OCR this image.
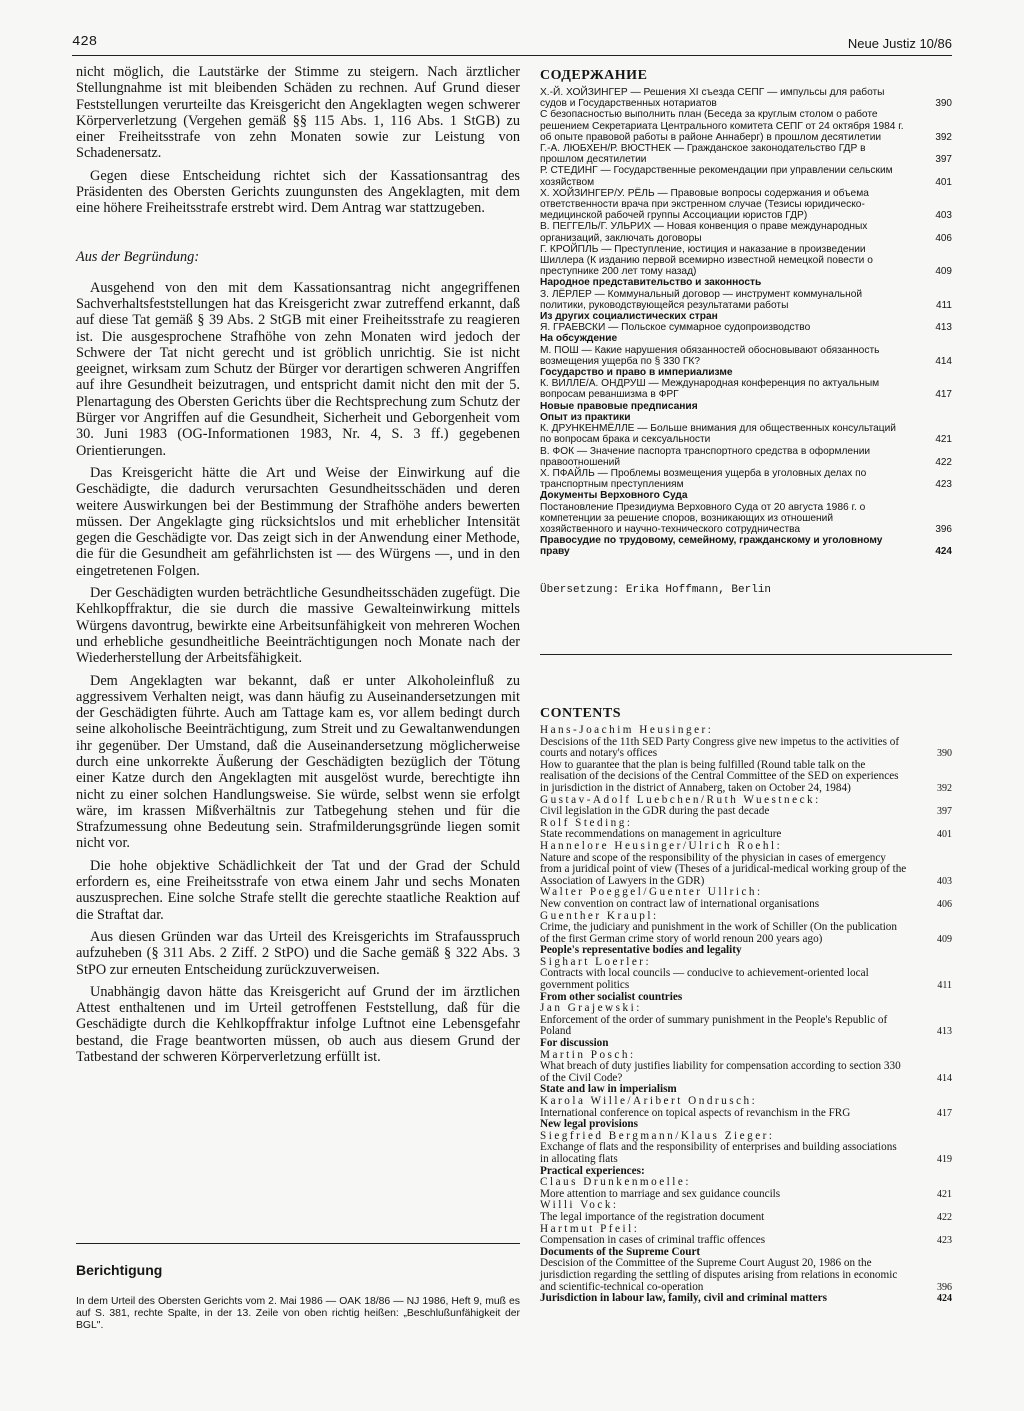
428	Neue Justiz 10/86

nicht möglich, die Lautstärke der Stimme zu steigern. Nach ärztlicher Stellungnahme ist mit bleibenden Schäden zu rechnen. Auf Grund dieser Feststellungen verurteilte das Kreisgericht den Angeklagten wegen schwerer Körperverletzung (Vergehen gemäß §§ 115 Abs. 1, 116 Abs. 1 StGB) zu einer Freiheitsstrafe von zehn Monaten sowie zur Leistung von Schadenersatz.

Gegen diese Entscheidung richtet sich der Kassationsantrag des Präsidenten des Obersten Gerichts zuungunsten des Angeklagten, mit dem eine höhere Freiheitsstrafe erstrebt wird. Dem Antrag war stattzugeben.

Aus der Begründung:

Ausgehend von den mit dem Kassationsantrag nicht angegriffenen Sachverhaltsfeststellungen hat das Kreisgericht zwar zutreffend erkannt, daß auf diese Tat gemäß § 39 Abs. 2 StGB mit einer Freiheitsstrafe zu reagieren ist. Die ausgesprochene Strafhöhe von zehn Monaten wird jedoch der Schwere der Tat nicht gerecht und ist gröblich unrichtig. Sie ist nicht geeignet, wirksam zum Schutz der Bürger vor derartigen schweren Angriffen auf ihre Gesundheit beizutragen, und entspricht damit nicht den mit der 5. Plenartagung des Obersten Gerichts über die Rechtsprechung zum Schutz der Bürger vor Angriffen auf die Gesundheit, Sicherheit und Geborgenheit vom 30. Juni 1983 (OG-Informationen 1983, Nr. 4, S. 3 ff.) gegebenen Orientierungen.

Das Kreisgericht hätte die Art und Weise der Einwirkung auf die Geschädigte, die dadurch verursachten Gesundheitsschäden und deren weitere Auswirkungen bei der Bestimmung der Strafhöhe anders bewerten müssen. Der Angeklagte ging rücksichtslos und mit erheblicher Intensität gegen die Geschädigte vor. Das zeigt sich in der Anwendung einer Methode, die für die Gesundheit am gefährlichsten ist — des Würgens —, und in den eingetretenen Folgen.

Der Geschädigten wurden beträchtliche Gesundheitsschäden zugefügt. Die Kehlkopffraktur, die sie durch die massive Gewalteinwirkung mittels Würgens davontrug, bewirkte eine Arbeitsunfähigkeit von mehreren Wochen und erhebliche gesundheitliche Beeinträchtigungen noch Monate nach der Wiederherstellung der Arbeitsfähigkeit.

Dem Angeklagten war bekannt, daß er unter Alkoholeinfluß zu aggressivem Verhalten neigt, was dann häufig zu Auseinandersetzungen mit der Geschädigten führte. Auch am Tattage kam es, vor allem bedingt durch seine alkoholische Beeinträchtigung, zum Streit und zu Gewaltanwendungen ihr gegenüber. Der Umstand, daß die Auseinandersetzung möglicherweise durch eine unkorrekte Äußerung der Geschädigten bezüglich der Tötung einer Katze durch den Angeklagten mit ausgelöst wurde, berechtigte ihn nicht zu einer solchen Handlungsweise. Sie würde, selbst wenn sie erfolgt wäre, im krassen Mißverhältnis zur Tatbegehung stehen und für die Strafzumessung ohne Bedeutung sein. Strafmilderungsgründe liegen somit nicht vor.

Die hohe objektive Schädlichkeit der Tat und der Grad der Schuld erfordern es, eine Freiheitsstrafe von etwa einem Jahr und sechs Monaten auszusprechen. Eine solche Strafe stellt die gerechte staatliche Reaktion auf die Straftat dar.

Aus diesen Gründen war das Urteil des Kreisgerichts im Strafausspruch aufzuheben (§ 311 Abs. 2 Ziff. 2 StPO) und die Sache gemäß § 322 Abs. 3 StPO zur erneuten Entscheidung zurückzuverweisen.

Unabhängig davon hätte das Kreisgericht auf Grund der im ärztlichen Attest enthaltenen und im Urteil getroffenen Feststellung, daß für die Geschädigte durch die Kehlkopffraktur infolge Luftnot eine Lebensgefahr bestand, die Frage beantworten müssen, ob auch aus diesem Grund der Tatbestand der schweren Körperverletzung erfüllt ist.

Berichtigung

In dem Urteil des Obersten Gerichts vom 2. Mai 1986 — OAK 18/86 — NJ 1986, Heft 9, muß es auf S. 381, rechte Spalte, in der 13. Zeile von oben richtig heißen: „Beschlußunfähigkeit der BGL".

СОДЕРЖАНИЕ
Х.-Й. ХОЙЗИНГЕР — Решения XI съезда СЕПГ — импульсы для работы судов и Государственных нотариатов	390
С безопасностью выполнить план (Беседа за круглым столом о работе решением Секретариата Центрального комитета СЕПГ от 24 октября 1984 г. об опыте правовой работы в районе Аннаберг) в прошлом десятилетии	392
Г.-А. ЛЮБХЕН/Р. ВЮСТНЕК — Гражданское законодательство ГДР в прошлом десятилетии	397
Р. СТЕДИНГ — Государственные рекомендации при управлении сельским хозяйством	401
Х. ХОЙЗИНГЕР/У. РЁЛЬ — Правовые вопросы содержания и объема ответственности врача при экстренном случае (Тезисы юридическо-медицинской рабочей группы Ассоциации юристов ГДР)	403
В. ПЕГГЕЛЬ/Г. УЛЬРИХ — Новая конвенция о праве международных организаций, заключать договоры	406
Г. КРОЙПЛЬ — Преступление, юстиция и наказание в произведении Шиллера (К изданию первой всемирно известной немецкой повести о преступнике 200 лет тому назад)	409
Народное представительство и законность
З. ЛЁРЛЕР — Коммунальный договор — инструмент коммунальной политики, руководствующейся результатами работы	411
Из других социалистических стран
Я. ГРАЕВСКИ — Польское суммарное судопроизводство	413
На обсуждение
М. ПОШ — Какие нарушения обязанностей обосновывают обязанность возмещения ущерба по § 330 ГК?	414
Государство и право в империализме
К. ВИЛЛЕ/А. ОНДРУШ — Международная конференция по актуальным вопросам реваншизма в ФРГ	417
Новые правовые предписания
Опыт из практики
К. ДРУНКЕНМЁЛЛЕ — Больше внимания для общественных консультаций по вопросам брака и сексуальности	421
В. ФОК — Значение паспорта транспортного средства в оформлении правоотношений	422
Х. ПФАЙЛЬ — Проблемы возмещения ущерба в уголовных делах по транспортным преступлениям	423
Документы Верховного Суда
Постановление Президиума Верховного Суда от 20 августа 1986 г. о компетенции за решение споров, возникающих из отношений хозяйственного и научно-технического сотрудничества	396
Правосудие по трудовому, семейному, гражданскому и уголовному праву	424
Übersetzung: Erika Hoffmann, Berlin
CONTENTS
Hans-Joachim Heusinger:
Descisions of the 11th SED Party Congress give new impetus to the activities of courts and notary's offices	390
How to guarantee that the plan is being fulfilled (Round table talk on the realisation of the decisions of the Central Committee of the SED on experiences in jurisdiction in the district of Annaberg, taken on October 24, 1984)	392
Gustav-Adolf Luebchen/Ruth Wuestneck:
Civil legislation in the GDR during the past decade	397
Rolf Steding:
State recommendations on management in agriculture	401
Hannelore Heusinger/Ulrich Roehl:
Nature and scope of the responsibility of the physician in cases of emergency from a juridical point of view (Theses of a juridical-medical working group of the Association of Lawyers in the GDR)	403
Walter Poeggel/Guenter Ullrich:
New convention on contract law of international organisations	406
Guenther Kraupl:
Crime, the judiciary and punishment in the work of Schiller (On the publication of the first German crime story of world renoun 200 years ago)	409
People's representative bodies and legality
Sighart Loerler:
Contracts with local councils — conducive to achievement-oriented local government politics	411
From other socialist countries
Jan Grajewski:
Enforcement of the order of summary punishment in the People's Republic of Poland	413
For discussion
Martin Posch:
What breach of duty justifies liability for compensation according to section 330 of the Civil Code?	414
State and law in imperialism
Karola Wille/Aribert Ondrusch:
International conference on topical aspects of revanchism in the FRG	417
New legal provisions
Siegfried Bergmann/Klaus Zieger:
Exchange of flats and the responsibility of enterprises and building associations in allocating flats	419
Practical experiences:
Claus Drunkenmoelle:
More attention to marriage and sex guidance councils	421
Willi Vock:
The legal importance of the registration document	422
Hartmut Pfeil:
Compensation in cases of criminal traffic offences	423
Documents of the Supreme Court
Descision of the Committee of the Supreme Court August 20, 1986 on the jurisdiction regarding the settling of disputes arising from relations in economic and scientific-technical co-operation	396
Jurisdiction in labour law, family, civil and criminal matters	424
